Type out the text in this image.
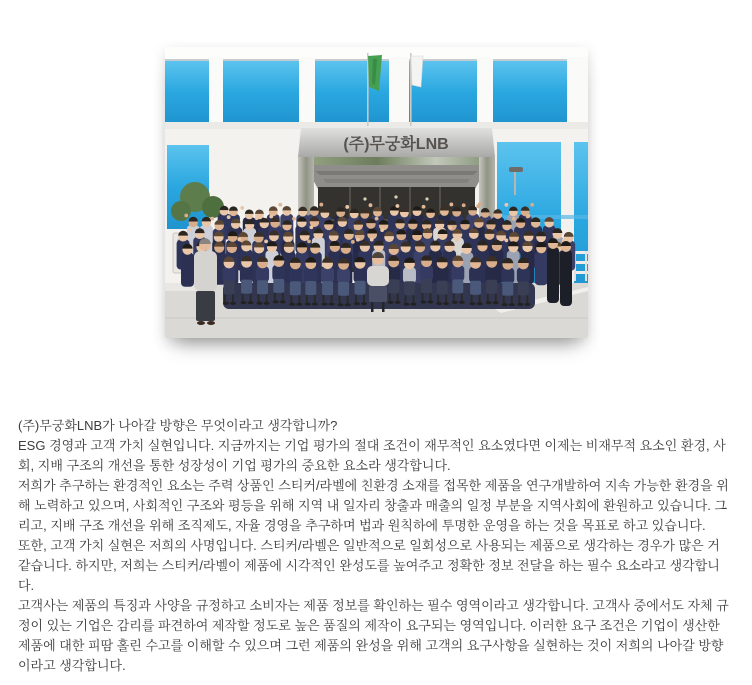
(주)무궁화LNB

(주)무궁화LNB가 나아갈 방향은 무엇이라고 생각합니까?

ESG 경영과 고객 가치 실현입니다. 지금까지는 기업 평가의 절대 조건이 재무적인 요소였다면 이제는 비재무적 요소인 환경, 사회, 지배 구조의 개선을 통한 성장성이 기업 평가의 중요한 요소라 생각합니다.

저희가 추구하는 환경적인 요소는 주력 상품인 스티커/라벨에 친환경 소재를 접목한 제품을 연구개발하여 지속 가능한 환경을 위해 노력하고 있으며, 사회적인 구조와 평등을 위해 지역 내 일자리 창출과 매출의 일정 부분을 지역사회에 환원하고 있습니다. 그리고, 지배 구조 개선을 위해 조직제도, 자율 경영을 추구하며 법과 원칙하에 투명한 운영을 하는 것을 목표로 하고 있습니다.

또한, 고객 가치 실현은 저희의 사명입니다. 스티커/라벨은 일반적으로 일회성으로 사용되는 제품으로 생각하는 경우가 많은 거 같습니다. 하지만, 저희는 스티커/라벨이 제품에 시각적인 완성도를 높여주고 정확한 정보 전달을 하는 필수 요소라고 생각합니다.

고객사는 제품의 특징과 사양을 규정하고 소비자는 제품 정보를 확인하는 필수 영역이라고 생각합니다. 고객사 중에서도 자체 규정이 있는 기업은 감리를 파견하여 제작할 정도로 높은 품질의 제작이 요구되는 영역입니다. 이러한 요구 조건은 기업이 생산한 제품에 대한 피땀 홀린 수고를 이해할 수 있으며 그런 제품의 완성을 위해 고객의 요구사항을 실현하는 것이 저희의 나아갈 방향이라고 생각합니다.
